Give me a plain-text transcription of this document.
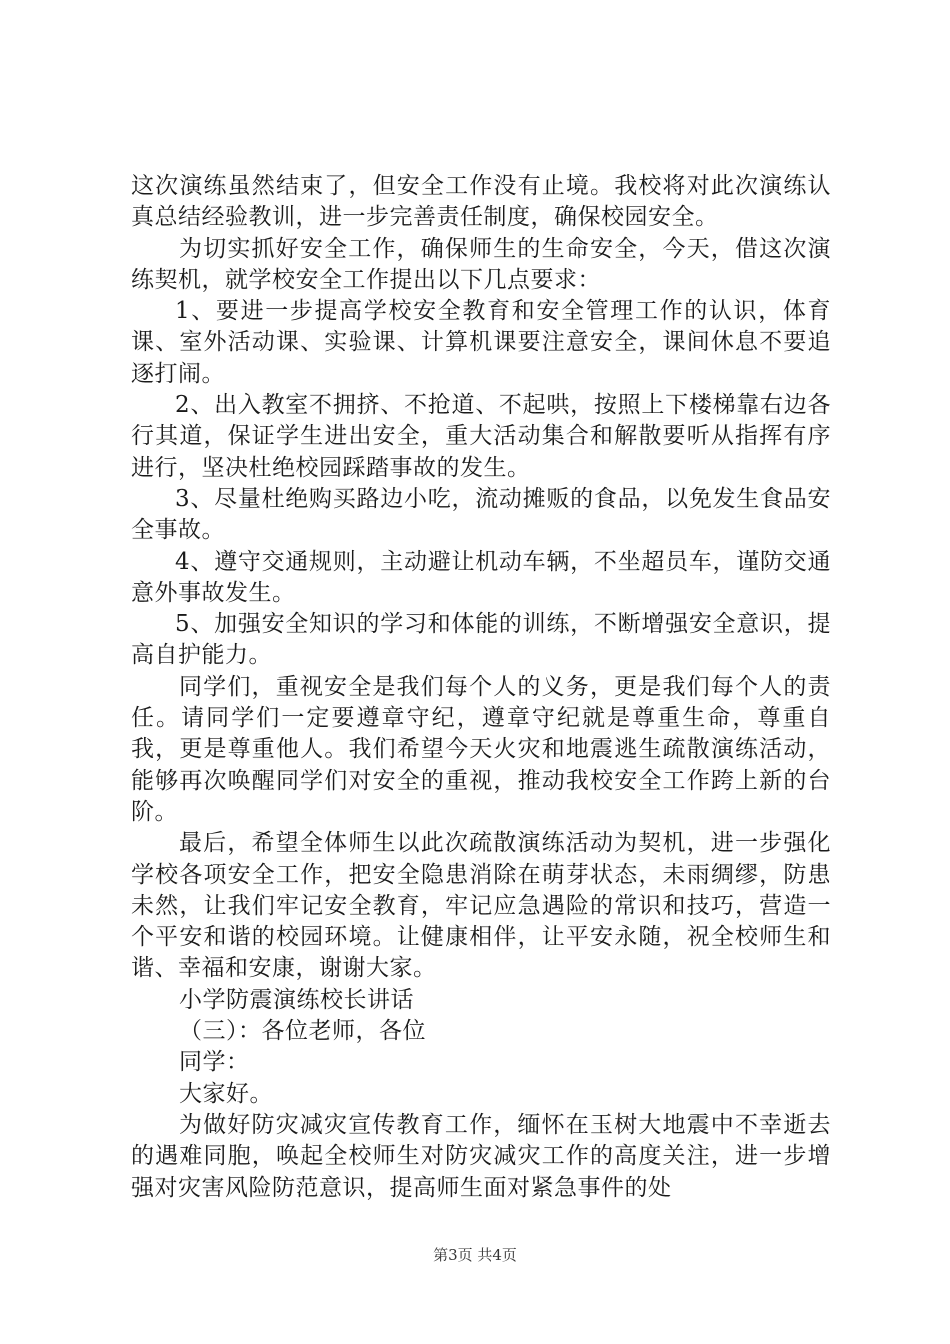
这次演练虽然结束了，但安全工作没有止境。我校将对此次演练认真总结经验教训，进一步完善责任制度，确保校园安全。

为切实抓好安全工作，确保师生的生命安全，今天，借这次演练契机，就学校安全工作提出以下几点要求：

1、要进一步提高学校安全教育和安全管理工作的认识，体育课、室外活动课、实验课、计算机课要注意安全，课间休息不要追逐打闹。

2、出入教室不拥挤、不抢道、不起哄，按照上下楼梯靠右边各行其道，保证学生进出安全，重大活动集合和解散要听从指挥有序进行，坚决杜绝校园踩踏事故的发生。

3、尽量杜绝购买路边小吃，流动摊贩的食品，以免发生食品安全事故。

4、遵守交通规则，主动避让机动车辆，不坐超员车，谨防交通意外事故发生。

5、加强安全知识的学习和体能的训练，不断增强安全意识，提高自护能力。

同学们，重视安全是我们每个人的义务，更是我们每个人的责任。请同学们一定要遵章守纪，遵章守纪就是尊重生命，尊重自我，更是尊重他人。我们希望今天火灾和地震逃生疏散演练活动，能够再次唤醒同学们对安全的重视，推动我校安全工作跨上新的台阶。

最后，希望全体师生以此次疏散演练活动为契机，进一步强化学校各项安全工作，把安全隐患消除在萌芽状态，未雨绸缪，防患未然，让我们牢记安全教育，牢记应急遇险的常识和技巧，营造一个平安和谐的校园环境。让健康相伴，让平安永随，祝全校师生和谐、幸福和安康，谢谢大家。

小学防震演练校长讲话

（三）：各位老师，各位

同学：

大家好。

为做好防灾减灾宣传教育工作，缅怀在玉树大地震中不幸逝去的遇难同胞，唤起全校师生对防灾减灾工作的高度关注，进一步增强对灾害风险防范意识，提高师生面对紧急事件的处

第3页 共4页
